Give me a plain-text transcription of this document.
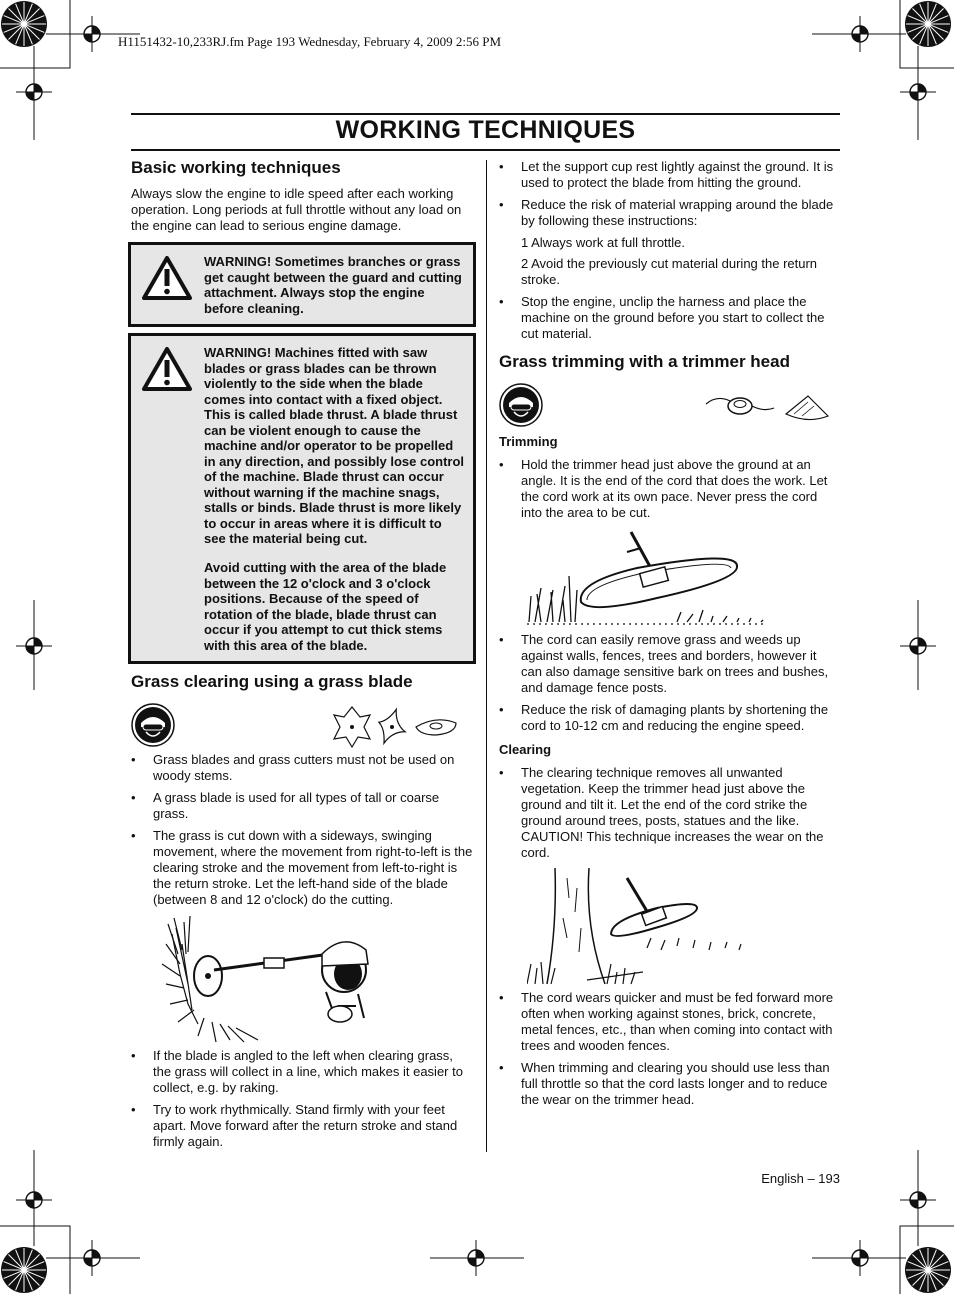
H1151432-10,233RJ.fm Page 193 Wednesday, February 4, 2009 2:56 PM
WORKING TECHNIQUES
Basic working techniques

Always slow the engine to idle speed after each working operation. Long periods at full throttle without any load on the engine can lead to serious engine damage.

WARNING! Sometimes branches or grass get caught between the guard and cutting attachment. Always stop the engine before cleaning.
WARNING! Machines fitted with saw blades or grass blades can be thrown violently to the side when the blade comes into contact with a fixed object. This is called blade thrust. A blade thrust can be violent enough to cause the machine and/or operator to be propelled in any direction, and possibly lose control of the machine. Blade thrust can occur without warning if the machine snags, stalls or binds. Blade thrust is more likely to occur in areas where it is difficult to see the material being cut.
Avoid cutting with the area of the blade between the 12 o'clock and 3 o'clock positions. Because of the speed of rotation of the blade, blade thrust can occur if you attempt to cut thick stems with this area of the blade.
Grass clearing using a grass blade
• Grass blades and grass cutters must not be used on woody stems.
• A grass blade is used for all types of tall or coarse grass.
• The grass is cut down with a sideways, swinging movement, where the movement from right-to-left is the clearing stroke and the movement from left-to-right is the return stroke. Let the left-hand side of the blade (between 8 and 12 o'clock) do the cutting.
• If the blade is angled to the left when clearing grass, the grass will collect in a line, which makes it easier to collect, e.g. by raking.
• Try to work rhythmically. Stand firmly with your feet apart. Move forward after the return stroke and stand firmly again.
• Let the support cup rest lightly against the ground. It is used to protect the blade from hitting the ground.
• Reduce the risk of material wrapping around the blade by following these instructions:
1 Always work at full throttle.
2 Avoid the previously cut material during the return stroke.
• Stop the engine, unclip the harness and place the machine on the ground before you start to collect the cut material.
Grass trimming with a trimmer head
Trimming
• Hold the trimmer head just above the ground at an angle. It is the end of the cord that does the work. Let the cord work at its own pace. Never press the cord into the area to be cut.
• The cord can easily remove grass and weeds up against walls, fences, trees and borders, however it can also damage sensitive bark on trees and bushes, and damage fence posts.
• Reduce the risk of damaging plants by shortening the cord to 10-12 cm and reducing the engine speed.
Clearing
• The clearing technique removes all unwanted vegetation. Keep the trimmer head just above the ground and tilt it. Let the end of the cord strike the ground around trees, posts, statues and the like. CAUTION! This technique increases the wear on the cord.
• The cord wears quicker and must be fed forward more often when working against stones, brick, concrete, metal fences, etc., than when coming into contact with trees and wooden fences.
• When trimming and clearing you should use less than full throttle so that the cord lasts longer and to reduce the wear on the trimmer head.
English – 193
